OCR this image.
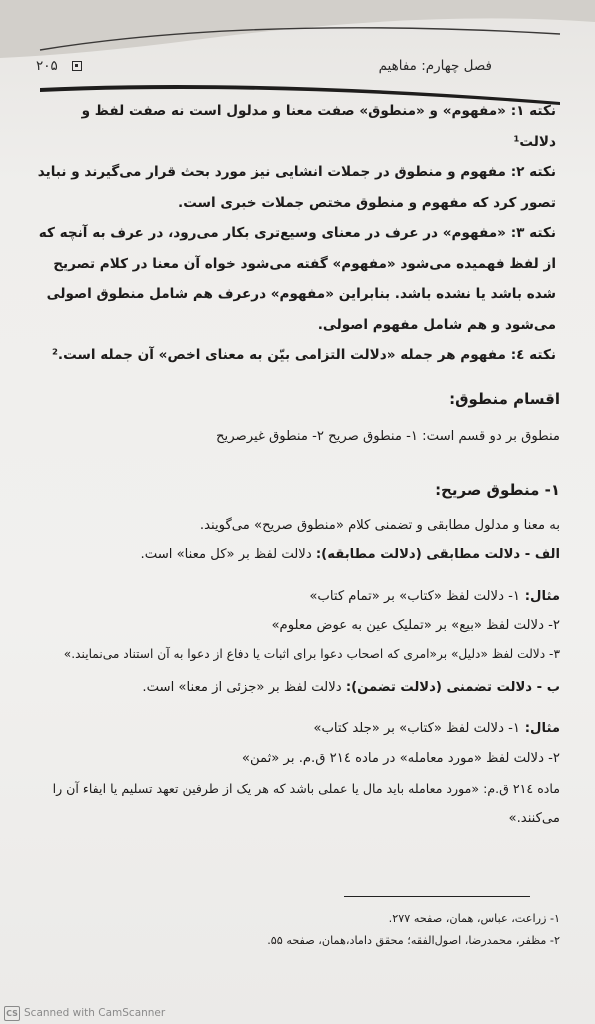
فصل چهارم: مفاهیم
۲۰۵

نکته ۱: «مفهوم» و «منطوق» صفت معنا و مدلول است نه صفت لفظ و دلالت¹

نکته ۲: مفهوم و منطوق در جملات انشایی نیز مورد بحث قرار می‌گیرند و نباید تصور کرد که مفهوم و منطوق مختص جملات خبری است.

نکته ۳: «مفهوم» در عرف در معنای وسیع‌تری بکار می‌رود، در عرف به آنچه که از لفظ فهمیده می‌شود «مفهوم» گفته می‌شود خواه آن معنا در کلام تصریح شده باشد یا نشده باشد. بنابراین «مفهوم» درعرف هم شامل منطوق اصولی می‌شود و هم شامل مفهوم اصولی.

نکته ٤: مفهوم هر جمله «دلالت التزامی بیّن به معنای اخص» آن جمله است.²

اقسام منطوق:
منطوق بر دو قسم است: ۱- منطوق صریح ۲- منطوق غیرصریح
۱- منطوق صریح:
به معنا و مدلول مطابقی و تضمنی کلام «منطوق صریح» می‌گویند.
الف - دلالت مطابقی (دلالت مطابقه): دلالت لفظ بر «کل معنا» است.
مثال:
۱- دلالت لفظ «کتاب» بر «تمام کتاب»
۲- دلالت لفظ «بیع» بر «تملیک عین به عوض معلوم»
۳- دلالت لفظ «دلیل» بر«امری که اصحاب دعوا برای اثبات یا دفاع از دعوا به آن استناد می‌نمایند.»
ب - دلالت تضمنی (دلالت تضمن): دلالت لفظ بر «جزئی از معنا» است.
مثال:
۱- دلالت لفظ «کتاب» بر «جلد کتاب»
۲- دلالت لفظ «مورد معامله» در ماده ۲۱٤ ق.م. بر «ثمن»
ماده ۲۱٤ ق.م: «مورد معامله باید مال یا عملی باشد که هر یک از طرفین تعهد تسلیم یا ایفاء آن را
می‌کنند.»

۱- زراعت، عباس، همان، صفحه ۲۷۷.

۲- مظفر، محمدرضا، اصول‌الفقه؛ محقق داماد،همان، صفحه ۵۵.

CS Scanned with CamScanner
